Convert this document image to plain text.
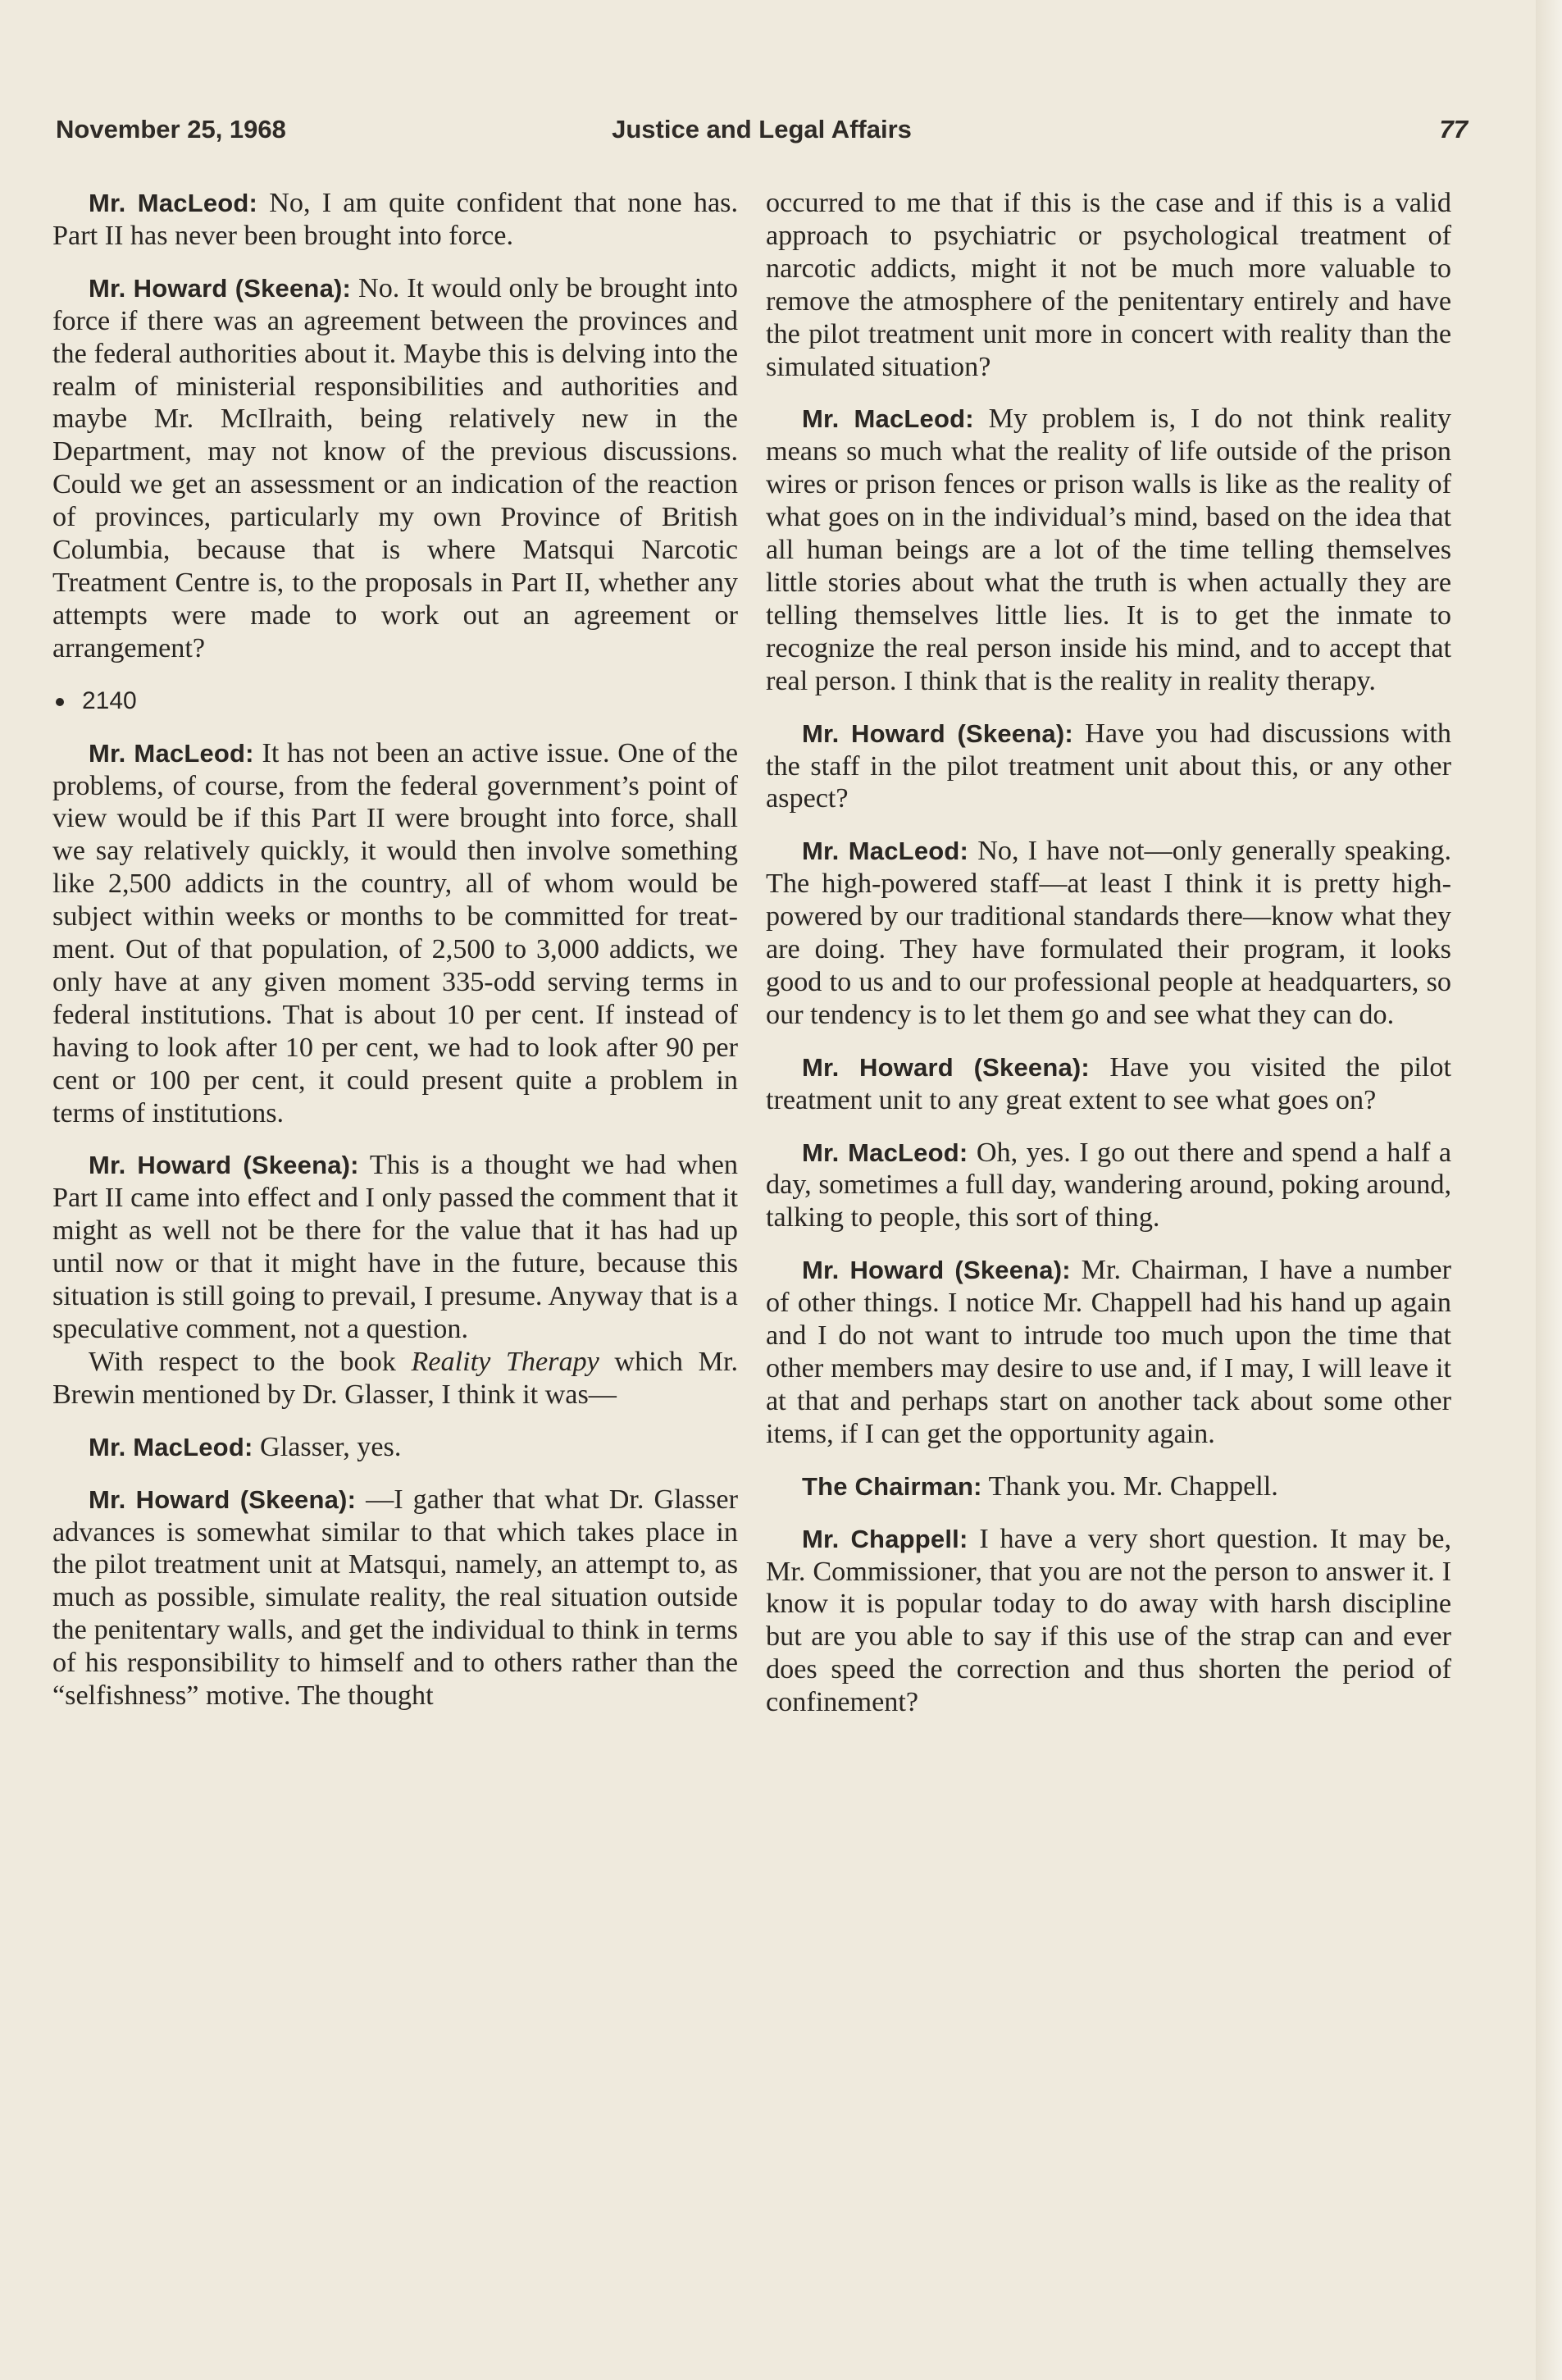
November 25, 1968	Justice and Legal Affairs	77

Mr. MacLeod: No, I am quite confident that none has. Part II has never been brought into force.

Mr. Howard (Skeena): No. It would only be brought into force if there was an agreement between the provinces and the federal authorities about it. Maybe this is delving into the realm of ministerial responsibilities and authorities and maybe Mr. McIlraith, being relatively new in the Department, may not know of the previous discussions. Could we get an assessment or an indication of the reaction of provinces, particularly my own Province of British Columbia, because that is where Matsqui Narcotic Treatment Centre is, to the proposals in Part II, whether any attempts were made to work out an agreement or arrangement?

2140

Mr. MacLeod: It has not been an active issue. One of the problems, of course, from the federal government’s point of view would be if this Part II were brought into force, shall we say relatively quickly, it would then involve something like 2,500 addicts in the country, all of whom would be subject within weeks or months to be committed for treatment. Out of that population, of 2,500 to 3,000 addicts, we only have at any given moment 335-odd serving terms in federal institutions. That is about 10 per cent. If instead of having to look after 10 per cent, we had to look after 90 per cent or 100 per cent, it could present quite a problem in terms of institutions.

Mr. Howard (Skeena): This is a thought we had when Part II came into effect and I only passed the comment that it might as well not be there for the value that it has had up until now or that it might have in the future, because this situation is still going to prevail, I presume. Anyway that is a speculative comment, not a question.

With respect to the book Reality Therapy which Mr. Brewin mentioned by Dr. Glasser, I think it was—

Mr. MacLeod: Glasser, yes.

Mr. Howard (Skeena): —I gather that what Dr. Glasser advances is somewhat similar to that which takes place in the pilot treatment unit at Matsqui, namely, an attempt to, as much as possible, simulate reality, the real situation outside the penitentary walls, and get the individual to think in terms of his responsibility to himself and to others rather than the “selfishness” motive. The thought

occurred to me that if this is the case and if this is a valid approach to psychiatric or psychological treatment of narcotic addicts, might it not be much more valuable to remove the atmosphere of the penitentary entirely and have the pilot treatment unit more in concert with reality than the simulated situation?

Mr. MacLeod: My problem is, I do not think reality means so much what the reality of life outside of the prison wires or prison fences or prison walls is like as the reality of what goes on in the individual’s mind, based on the idea that all human beings are a lot of the time telling themselves little stories about what the truth is when actually they are telling themselves little lies. It is to get the inmate to recognize the real person inside his mind, and to accept that real person. I think that is the reality in reality therapy.

Mr. Howard (Skeena): Have you had discussions with the staff in the pilot treatment unit about this, or any other aspect?

Mr. MacLeod: No, I have not—only generally speaking. The high-powered staff—at least I think it is pretty high-powered by our traditional standards there—know what they are doing. They have formulated their program, it looks good to us and to our professional people at headquarters, so our tendency is to let them go and see what they can do.

Mr. Howard (Skeena): Have you visited the pilot treatment unit to any great extent to see what goes on?

Mr. MacLeod: Oh, yes. I go out there and spend a half a day, sometimes a full day, wandering around, poking around, talking to people, this sort of thing.

Mr. Howard (Skeena): Mr. Chairman, I have a number of other things. I notice Mr. Chappell had his hand up again and I do not want to intrude too much upon the time that other members may desire to use and, if I may, I will leave it at that and perhaps start on another tack about some other items, if I can get the opportunity again.

The Chairman: Thank you. Mr. Chappell.

Mr. Chappell: I have a very short question. It may be, Mr. Commissioner, that you are not the person to answer it. I know it is popular today to do away with harsh discipline but are you able to say if this use of the strap can and ever does speed the correction and thus shorten the period of confinement?
